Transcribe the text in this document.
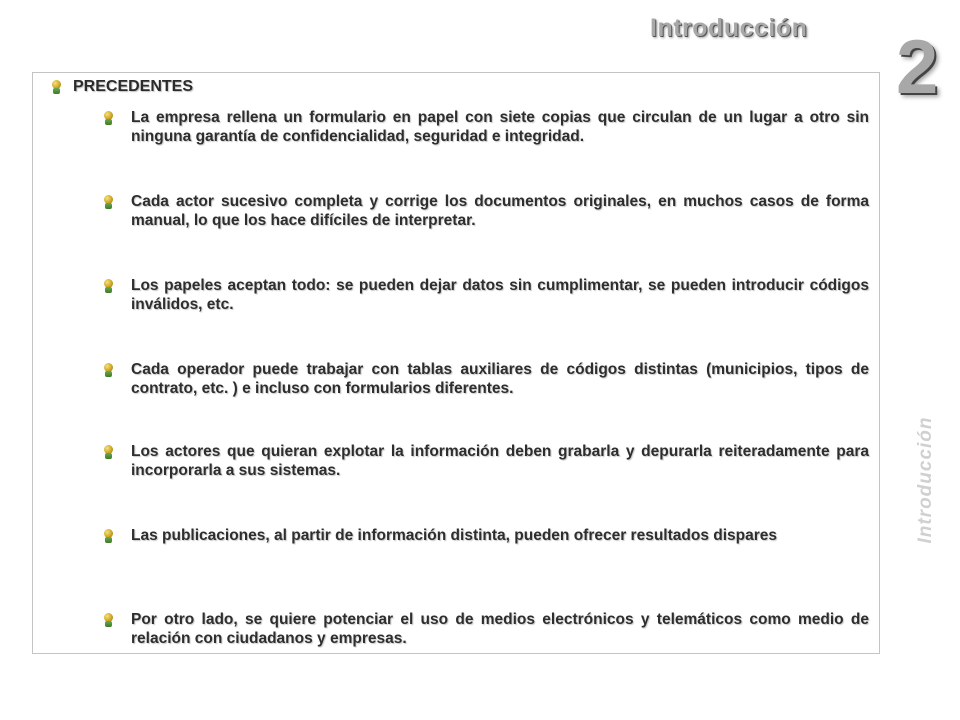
Introducción 2
Introducción
PRECEDENTES
La empresa rellena un formulario en papel con siete copias que circulan de un lugar a otro sin ninguna garantía de confidencialidad, seguridad e integridad.
Cada actor sucesivo completa y corrige los documentos originales, en muchos casos de forma manual, lo que los hace difíciles de interpretar.
Los papeles aceptan todo: se pueden dejar datos sin cumplimentar, se pueden introducir códigos inválidos, etc.
Cada operador puede trabajar con tablas auxiliares de códigos distintas (municipios, tipos de contrato, etc. ) e incluso con formularios diferentes.
Los actores que quieran explotar la información deben grabarla y depurarla reiteradamente para incorporarla a sus sistemas.
Las publicaciones, al partir de información distinta, pueden ofrecer resultados dispares
Por otro lado, se quiere potenciar el uso de medios electrónicos y telemáticos como medio de relación con ciudadanos y empresas.
